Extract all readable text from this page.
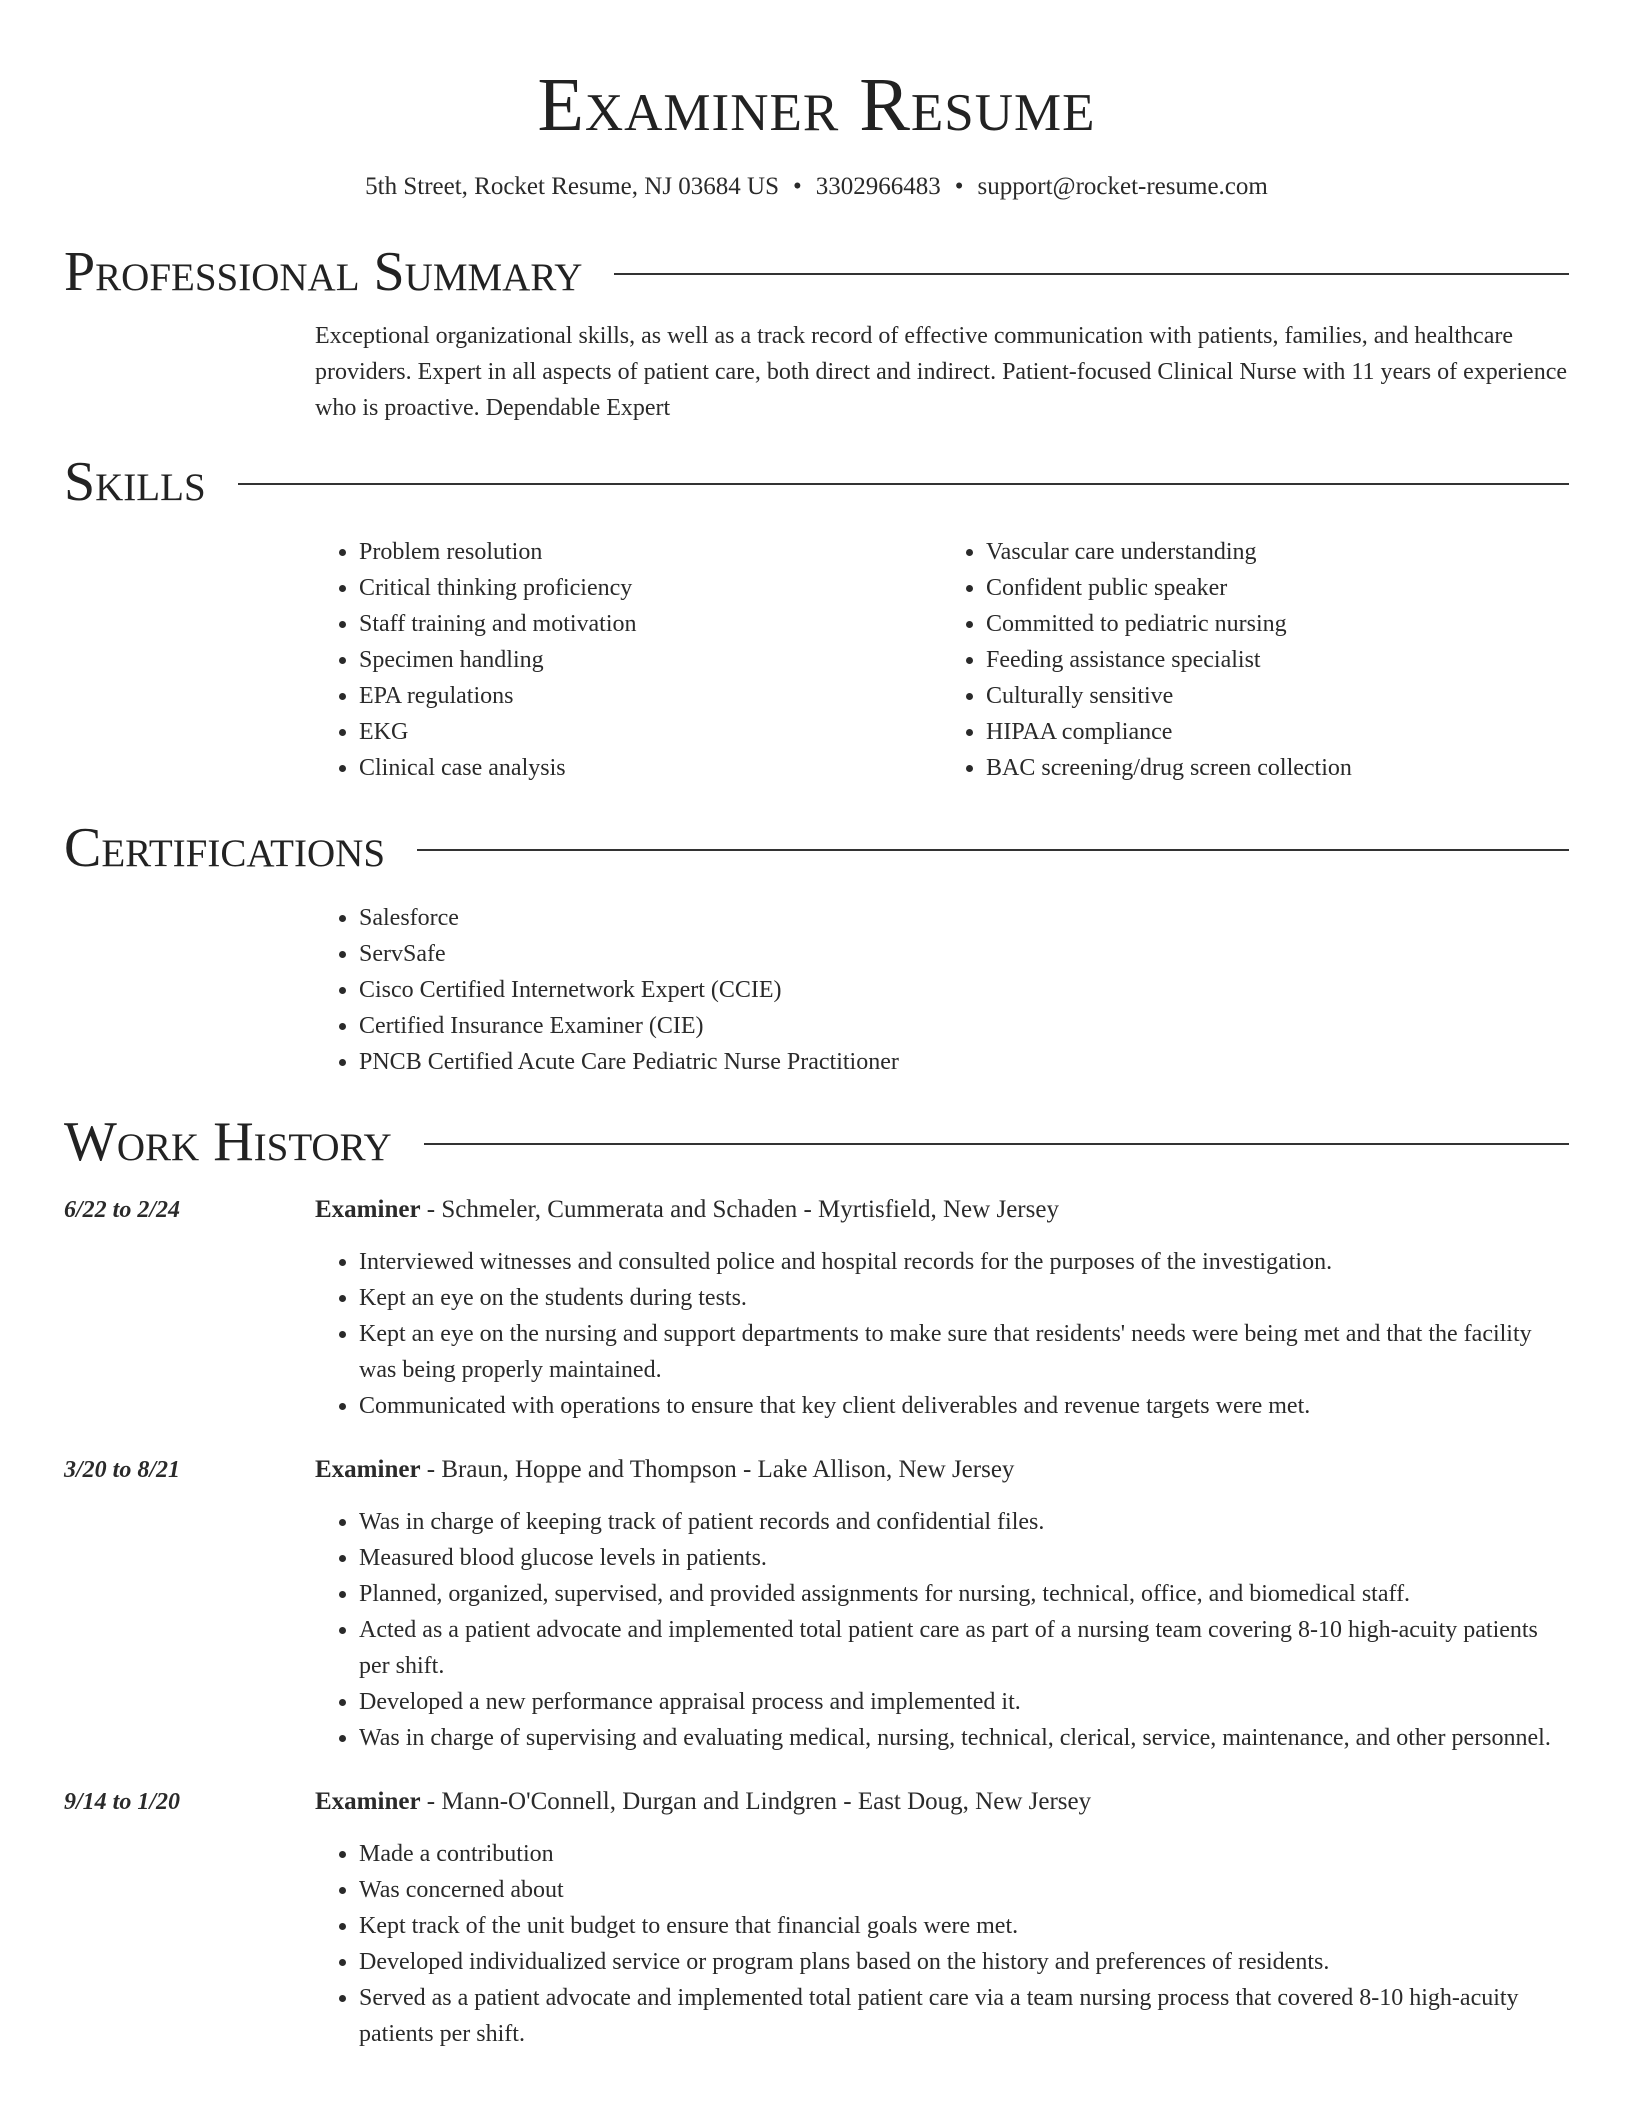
Examiner Resume
5th Street, Rocket Resume, NJ 03684 US • 3302966483 • support@rocket-resume.com
Professional Summary
Exceptional organizational skills, as well as a track record of effective communication with patients, families, and healthcare providers. Expert in all aspects of patient care, both direct and indirect. Patient-focused Clinical Nurse with 11 years of experience who is proactive. Dependable Expert
Skills
• Problem resolution
• Critical thinking proficiency
• Staff training and motivation
• Specimen handling
• EPA regulations
• EKG
• Clinical case analysis
• Vascular care understanding
• Confident public speaker
• Committed to pediatric nursing
• Feeding assistance specialist
• Culturally sensitive
• HIPAA compliance
• BAC screening/drug screen collection
Certifications
• Salesforce
• ServSafe
• Cisco Certified Internetwork Expert (CCIE)
• Certified Insurance Examiner (CIE)
• PNCB Certified Acute Care Pediatric Nurse Practitioner
Work History
6/22 to 2/24	Examiner - Schmeler, Cummerata and Schaden - Myrtisfield, New Jersey
• Interviewed witnesses and consulted police and hospital records for the purposes of the investigation.
• Kept an eye on the students during tests.
• Kept an eye on the nursing and support departments to make sure that residents' needs were being met and that the facility was being properly maintained.
• Communicated with operations to ensure that key client deliverables and revenue targets were met.
3/20 to 8/21	Examiner - Braun, Hoppe and Thompson - Lake Allison, New Jersey
• Was in charge of keeping track of patient records and confidential files.
• Measured blood glucose levels in patients.
• Planned, organized, supervised, and provided assignments for nursing, technical, office, and biomedical staff.
• Acted as a patient advocate and implemented total patient care as part of a nursing team covering 8-10 high-acuity patients per shift.
• Developed a new performance appraisal process and implemented it.
• Was in charge of supervising and evaluating medical, nursing, technical, clerical, service, maintenance, and other personnel.
9/14 to 1/20	Examiner - Mann-O'Connell, Durgan and Lindgren - East Doug, New Jersey
• Made a contribution
• Was concerned about
• Kept track of the unit budget to ensure that financial goals were met.
• Developed individualized service or program plans based on the history and preferences of residents.
• Served as a patient advocate and implemented total patient care via a team nursing process that covered 8-10 high-acuity patients per shift.
